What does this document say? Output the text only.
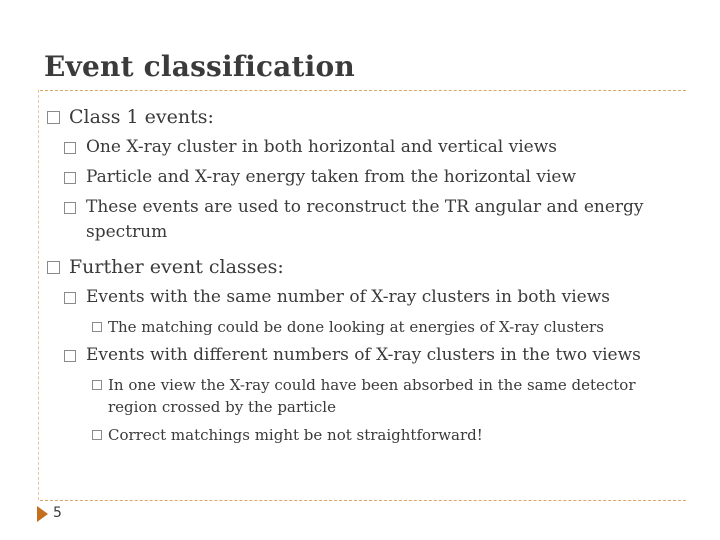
Event classification
Class 1 events:
One X-ray cluster in both horizontal and vertical views
Particle and X-ray energy taken from the horizontal view
These events are used to reconstruct the TR angular and energy
spectrum
Further event classes:
Events with the same number of X-ray clusters in both views
The matching could be done looking at energies of X-ray clusters
Events with different numbers of X-ray clusters in the two views
In one view the X-ray could have been absorbed in the same detector
region crossed by the particle
Correct matchings might be not straightforward!
5
